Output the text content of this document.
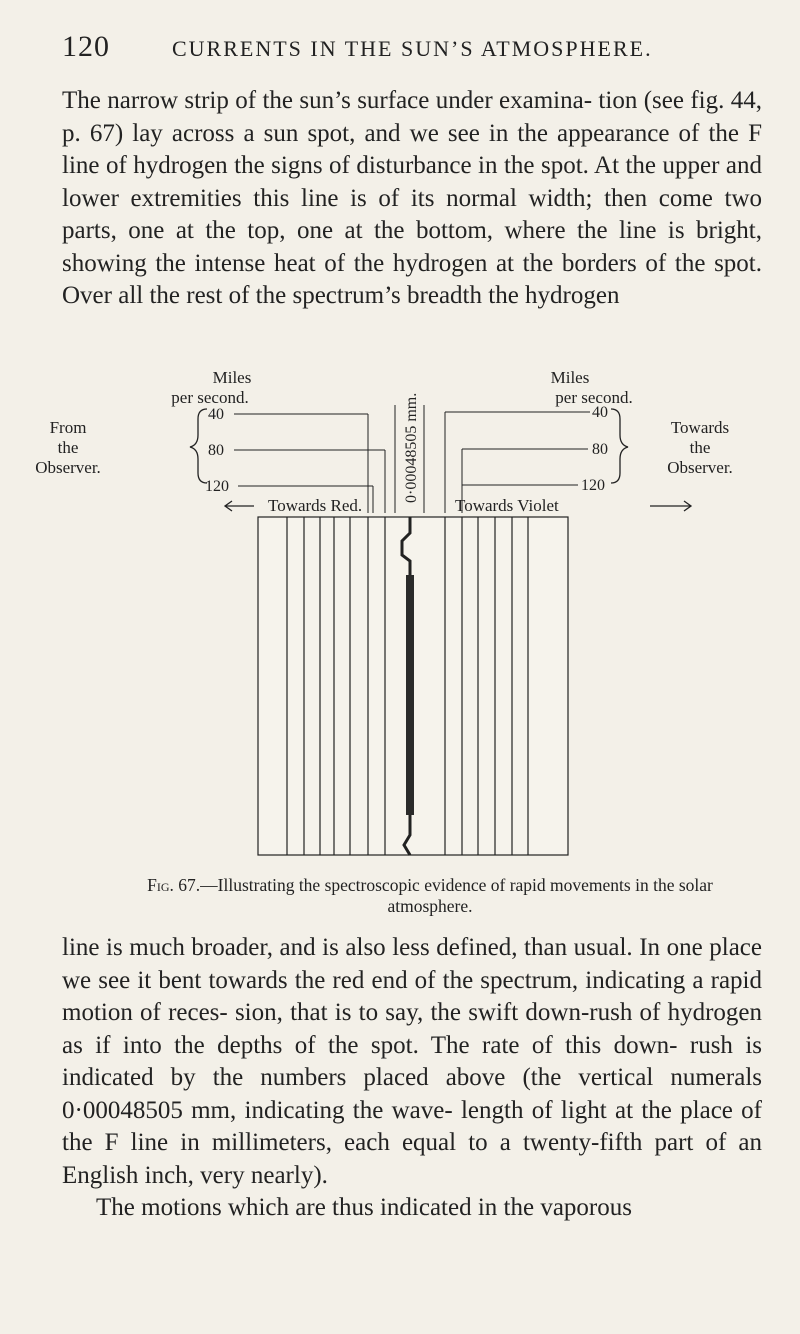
120	CURRENTS IN THE SUN’S ATMOSPHERE.

The narrow strip of the sun’s surface under examina- tion (see fig. 44, p. 67) lay across a sun spot, and we see in the appearance of the F line of hydrogen the signs of disturbance in the spot. At the upper and lower extremities this line is of its normal width; then come two parts, one at the top, one at the bottom, where the line is bright, showing the intense heat of the hydrogen at the borders of the spot. Over all the rest of the spectrum’s breadth the hydrogen

Miles
per second.
Miles
per second.
From
the
Observer.
40
80
120
40
80
120
Towards
the
Observer.
0·00048505 mm.
Towards Red.	Towards Violet

Fig. 67.—Illustrating the spectroscopic evidence of rapid movements in the solar atmosphere.

line is much broader, and is also less defined, than usual. In one place we see it bent towards the red end of the spectrum, indicating a rapid motion of reces- sion, that is to say, the swift down-rush of hydrogen as if into the depths of the spot. The rate of this down- rush is indicated by the numbers placed above (the vertical numerals 0·00048505 mm, indicating the wave- length of light at the place of the F line in millimeters, each equal to a twenty-fifth part of an English inch, very nearly).

The motions which are thus indicated in the vaporous
